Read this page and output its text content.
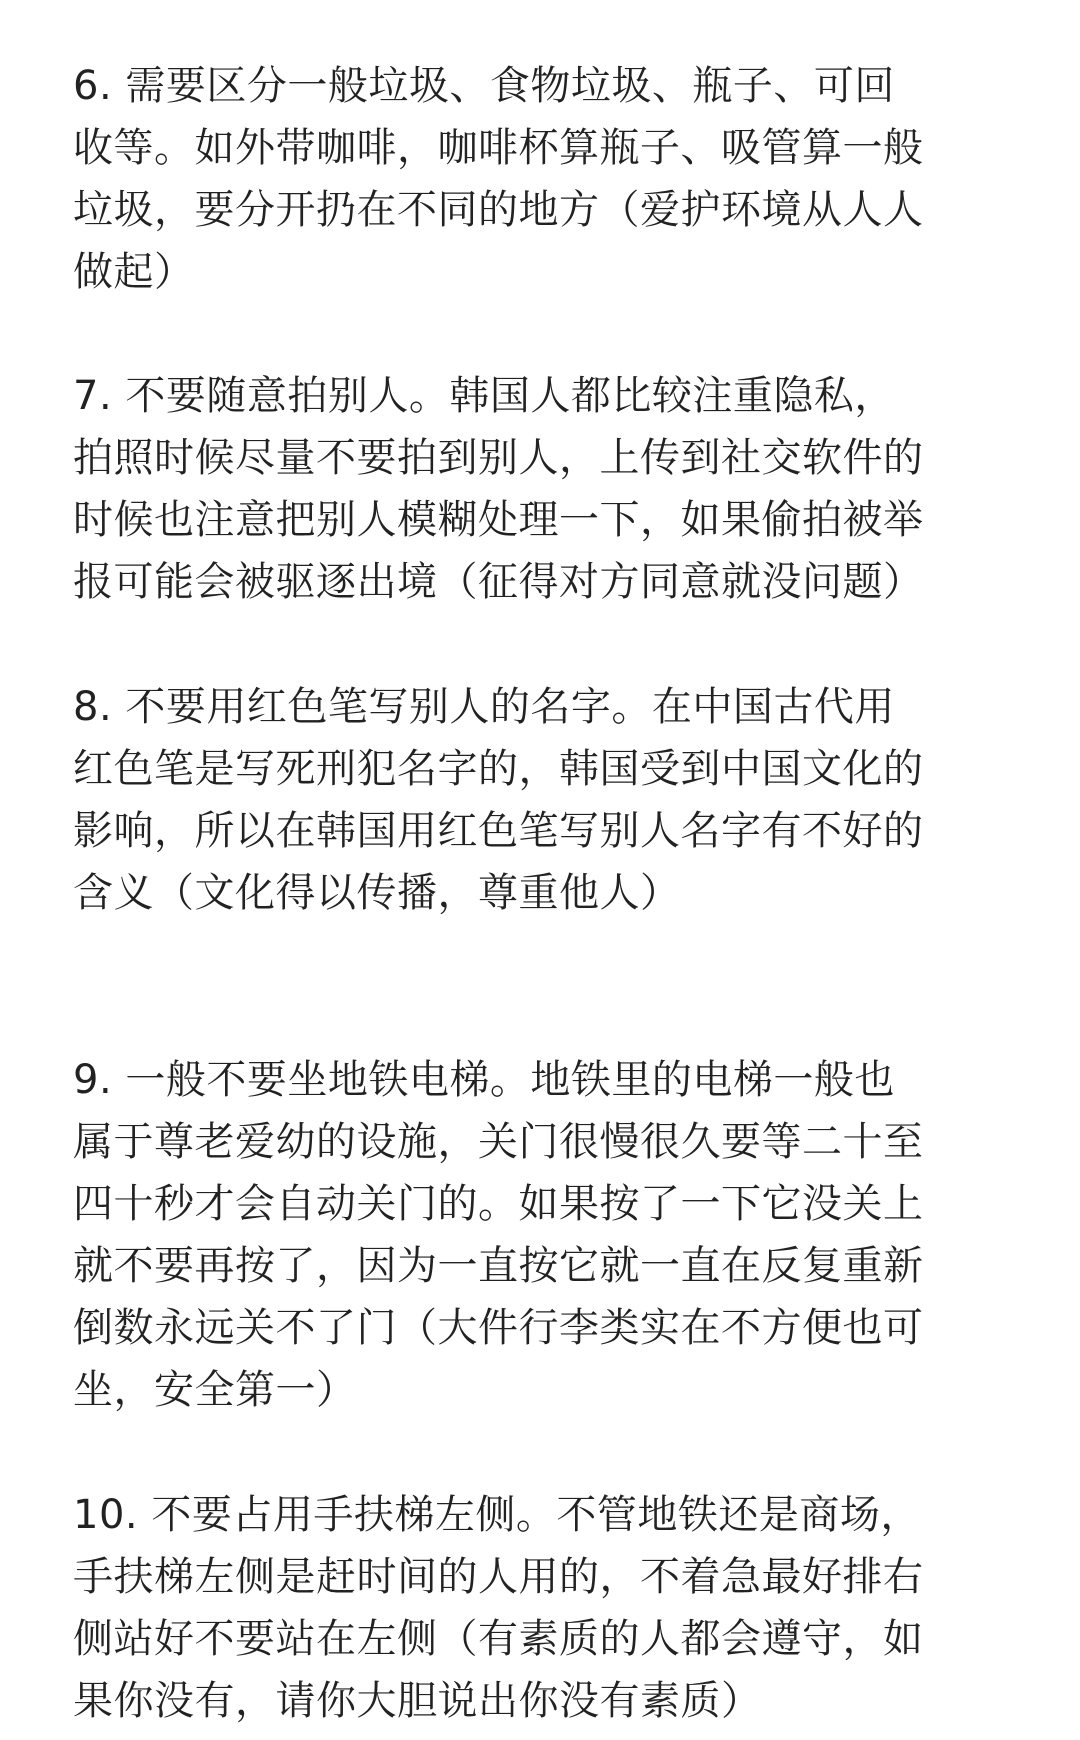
6. 需要区分一般垃圾、食物垃圾、瓶子、可回
收等。如外带咖啡，咖啡杯算瓶子、吸管算一般
垃圾，要分开扔在不同的地方（爱护环境从人人
做起）
7. 不要随意拍别人。韩国人都比较注重隐私，
拍照时候尽量不要拍到别人，上传到社交软件的
时候也注意把别人模糊处理一下，如果偷拍被举
报可能会被驱逐出境（征得对方同意就没问题）
8. 不要用红色笔写别人的名字。在中国古代用
红色笔是写死刑犯名字的，韩国受到中国文化的
影响，所以在韩国用红色笔写别人名字有不好的
含义（文化得以传播，尊重他人）
9. 一般不要坐地铁电梯。地铁里的电梯一般也
属于尊老爱幼的设施，关门很慢很久要等二十至
四十秒才会自动关门的。如果按了一下它没关上
就不要再按了，因为一直按它就一直在反复重新
倒数永远关不了门（大件行李类实在不方便也可
坐，安全第一）
10. 不要占用手扶梯左侧。不管地铁还是商场，
手扶梯左侧是赶时间的人用的，不着急最好排右
侧站好不要站在左侧（有素质的人都会遵守，如
果你没有，请你大胆说出你没有素质）
